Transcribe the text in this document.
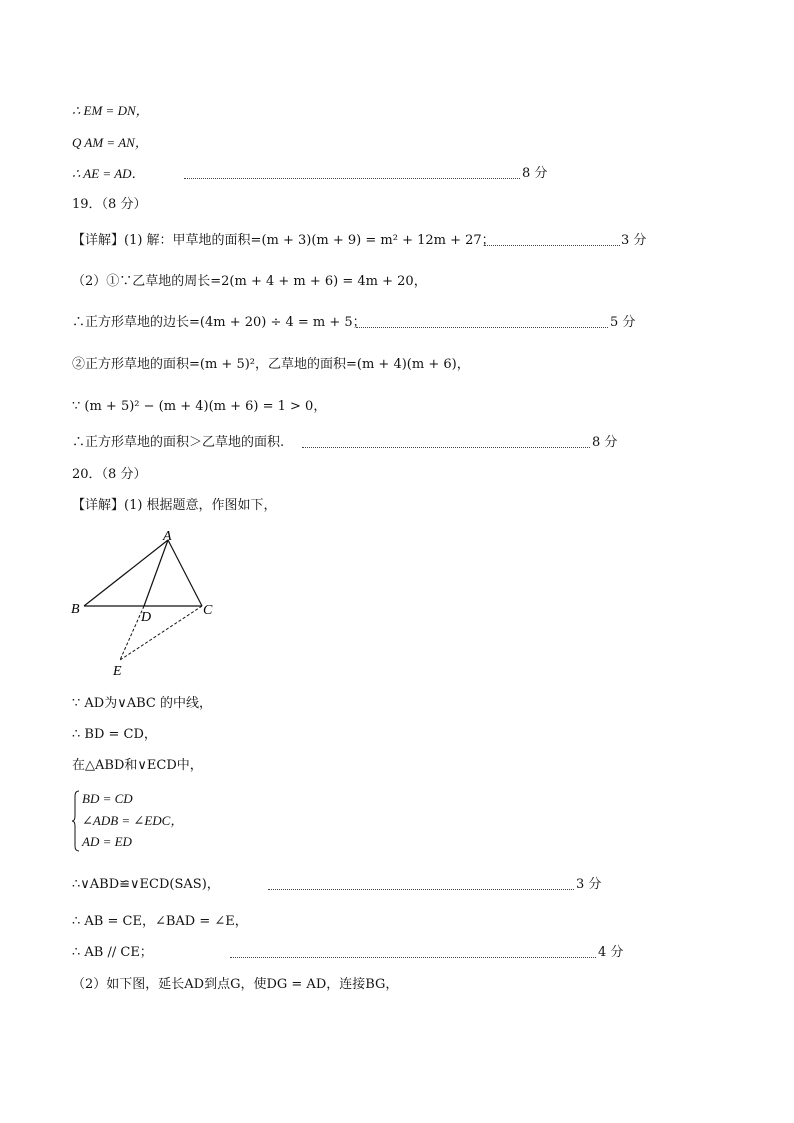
∴ EM = DN，
Q AM = AN，
∴ AE = AD．	8 分
19．（8 分）
【详解】(1) 解：甲草地的面积=(m + 3)(m + 9) = m² + 12m + 27；	3 分
（2）①∵乙草地的周长=2(m + 4 + m + 6) = 4m + 20，
∴正方形草地的边长=(4m + 20) ÷ 4 = m + 5；	5 分
②正方形草地的面积=(m + 5)²，乙草地的面积=(m + 4)(m + 6)，
∵ (m + 5)² − (m + 4)(m + 6) = 1 > 0，
∴正方形草地的面积＞乙草地的面积.	8 分
20．（8 分）
【详解】(1) 根据题意，作图如下，
A
B	C
D
E
∵ AD为∨ABC 的中线，
∴ BD = CD，
在△ABD和∨ECD中，
BD = CD
∠ADB = ∠EDC，
AD = ED
∴∨ABD≌∨ECD(SAS)，	3 分
∴ AB = CE，∠BAD = ∠E，
∴ AB // CE；	4 分
（2）如下图，延长AD到点G，使DG = AD，连接BG，
